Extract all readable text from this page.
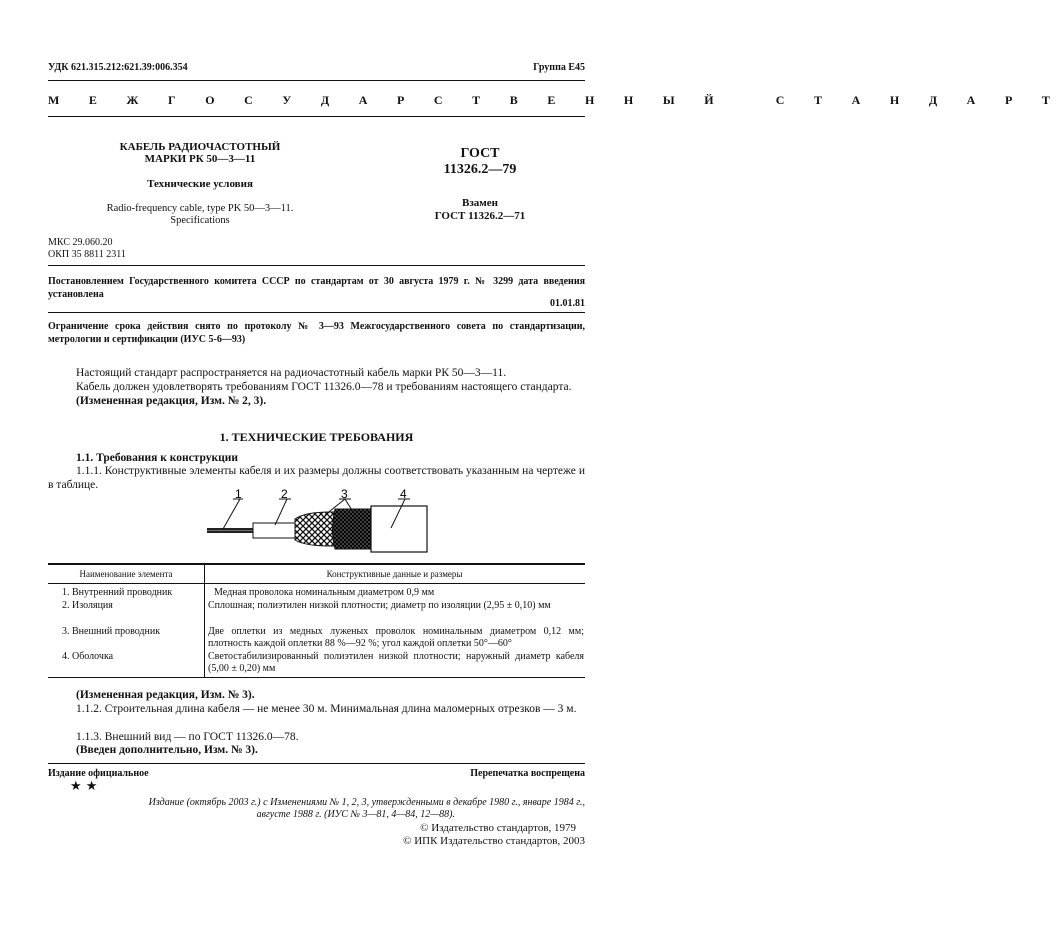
УДК 621.315.212:621.39:006.354	Группа Е45
М Е Ж Г О С У Д А Р С Т В Е Н Н Ы Й   С Т А Н Д А Р Т
КАБЕЛЬ РАДИОЧАСТОТНЫЙ
МАРКИ РК 50—3—11
Технические условия
Radio-frequency cable, type PK 50—3—11.
Specifications
ГОСТ
11326.2—79
Взамен
ГОСТ 11326.2—71
МКС 29.060.20
ОКП 35 8811 2311
Постановлением Государственного комитета СССР по стандартам от 30 августа 1979 г. № 3299 дата введения установлена
01.01.81
Ограничение срока действия снято по протоколу № 3—93 Межгосударственного совета по стандартизации, метрологии и сертификации (ИУС 5-6—93)
Настоящий стандарт распространяется на радиочастотный кабель марки РК 50—3—11.
Кабель должен удовлетворять требованиям ГОСТ 11326.0—78 и требованиям настоящего стандарта.
(Измененная редакция, Изм. № 2, 3).
1. ТЕХНИЧЕСКИЕ ТРЕБОВАНИЯ
1.1. Требования к конструкции
1.1.1. Конструктивные элементы кабеля и их размеры должны соответствовать указанным на чертеже и в таблице.
1	2	3	4
Наименование элемента	Конструктивные данные и размеры
1. Внутренний проводник	Медная проволока номинальным диаметром 0,9 мм
2. Изоляция	Сплошная; полиэтилен низкой плотности; диаметр по изоляции (2,95 ± 0,10) мм
3. Внешний проводник	Две оплетки из медных луженых проволок номинальным диаметром 0,12 мм; плотность каждой оплетки 88 %—92 %; угол каждой оплетки 50°—60°
4. Оболочка	Светостабилизированный полиэтилен низкой плотности; наружный диаметр кабеля (5,00 ± 0,20) мм
(Измененная редакция, Изм. № 3).
1.1.2. Строительная длина кабеля — не менее 30 м. Минимальная длина маломерных отрезков — 3 м.
1.1.3. Внешний вид — по ГОСТ 11326.0—78.
(Введен дополнительно, Изм. № 3).
Издание официальное	Перепечатка воспрещена
★ ★
Издание (октябрь 2003 г.) с Изменениями № 1, 2, 3, утвержденными в декабре 1980 г., январе 1984 г.,
августе 1988 г. (ИУС № 3—81, 4—84, 12—88).
© Издательство стандартов, 1979
© ИПК Издательство стандартов, 2003
